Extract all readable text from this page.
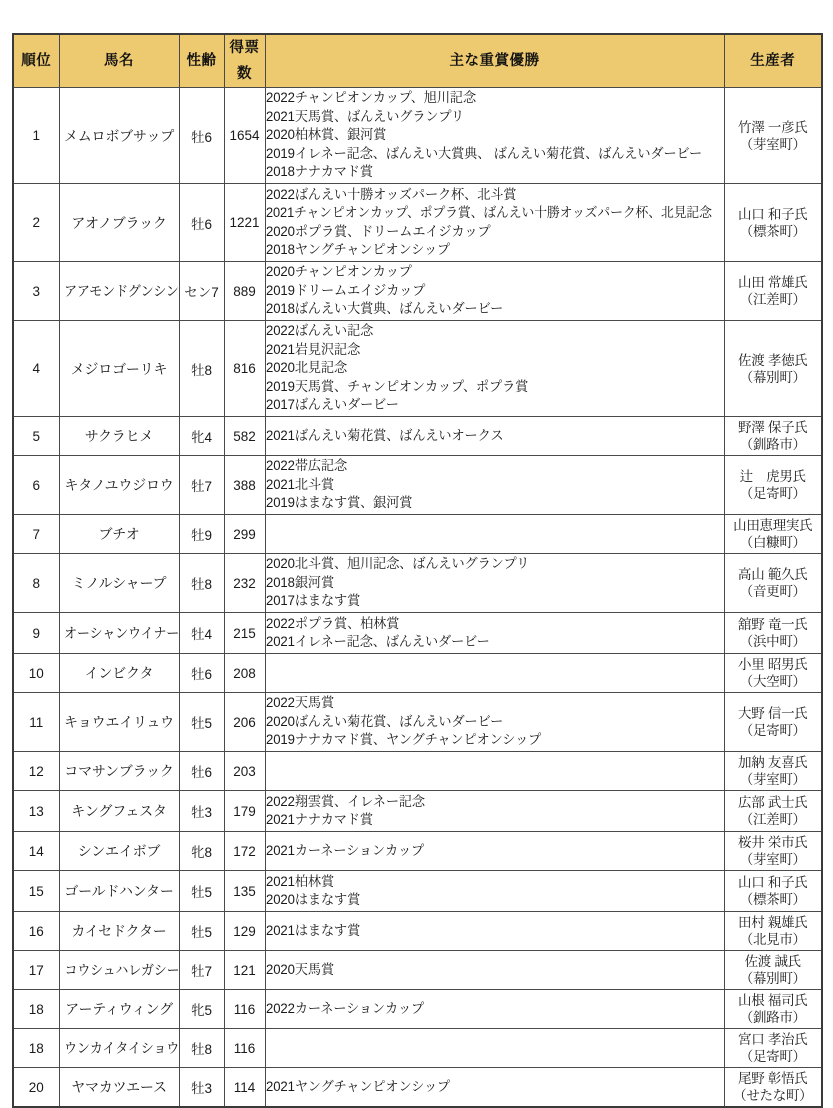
順位	馬名	性齢	得票数	主な重賞優勝	生産者
1	メムロボブサップ	牡6	1654	2022チャンピオンカップ、旭川記念
2021天馬賞、ばんえいグランプリ
2020柏林賞、銀河賞
2019イレネー記念、ばんえい大賞典、 ばんえい菊花賞、ばんえいダービー
2018ナナカマド賞	竹澤 一彦氏
（芽室町）

2	アオノブラック	牡6	1221	2022ばんえい十勝オッズパーク杯、北斗賞
2021チャンピオンカップ、ポプラ賞、ばんえい十勝オッズパーク杯、北見記念
2020ポプラ賞、ドリームエイジカップ
2018ヤングチャンピオンシップ	山口 和子氏
（標茶町）

3	アアモンドグンシン	セン7	889	2020チャンピオンカップ
2019ドリームエイジカップ
2018ばんえい大賞典、ばんえいダービー	山田 常雄氏
（江差町）

4	メジロゴーリキ	牡8	816	2022ばんえい記念
2021岩見沢記念
2020北見記念
2019天馬賞、チャンピオンカップ、ポプラ賞
2017ばんえいダービー	佐渡 孝徳氏
（幕別町）

5	サクラヒメ	牝4	582	2021ばんえい菊花賞、ばんえいオークス	野澤 保子氏
（釧路市）

6	キタノユウジロウ	牡7	388	2022帯広記念
2021北斗賞
2019はまなす賞、銀河賞	辻　虎男氏
（足寄町）

7	ブチオ	牡9	299		山田恵理実氏
（白糠町）

8	ミノルシャープ	牡8	232	2020北斗賞、旭川記念、ばんえいグランプリ
2018銀河賞
2017はまなす賞	高山 範久氏
（音更町）

9	オーシャンウイナー	牡4	215	2022ポプラ賞、柏林賞
2021イレネー記念、ばんえいダービー	舘野 竜一氏
（浜中町）

10	インビクタ	牡6	208		小里 昭男氏
（大空町）

11	キョウエイリュウ	牡5	206	2022天馬賞
2020ばんえい菊花賞、ばんえいダービー
2019ナナカマド賞、ヤングチャンピオンシップ	大野 信一氏
（足寄町）

12	コマサンブラック	牡6	203		加納 友喜氏
（芽室町）

13	キングフェスタ	牡3	179	2022翔雲賞、イレネー記念
2021ナナカマド賞	広部 武士氏
（江差町）

14	シンエイボブ	牝8	172	2021カーネーションカップ	桜井 栄市氏
（芽室町）

15	ゴールドハンター	牡5	135	2021柏林賞
2020はまなす賞	山口 和子氏
（標茶町）

16	カイセドクター	牡5	129	2021はまなす賞	田村 親雄氏
（北見市）

17	コウシュハレガシー	牡7	121	2020天馬賞	佐渡 誠氏
（幕別町）

18	アーティウィング	牝5	116	2022カーネーションカップ	山根 福司氏
（釧路市）

18	ウンカイタイショウ	牡8	116		宮口 孝治氏
（足寄町）

20	ヤマカツエース	牡3	114	2021ヤングチャンピオンシップ	尾野 彰悟氏
（せたな町）
